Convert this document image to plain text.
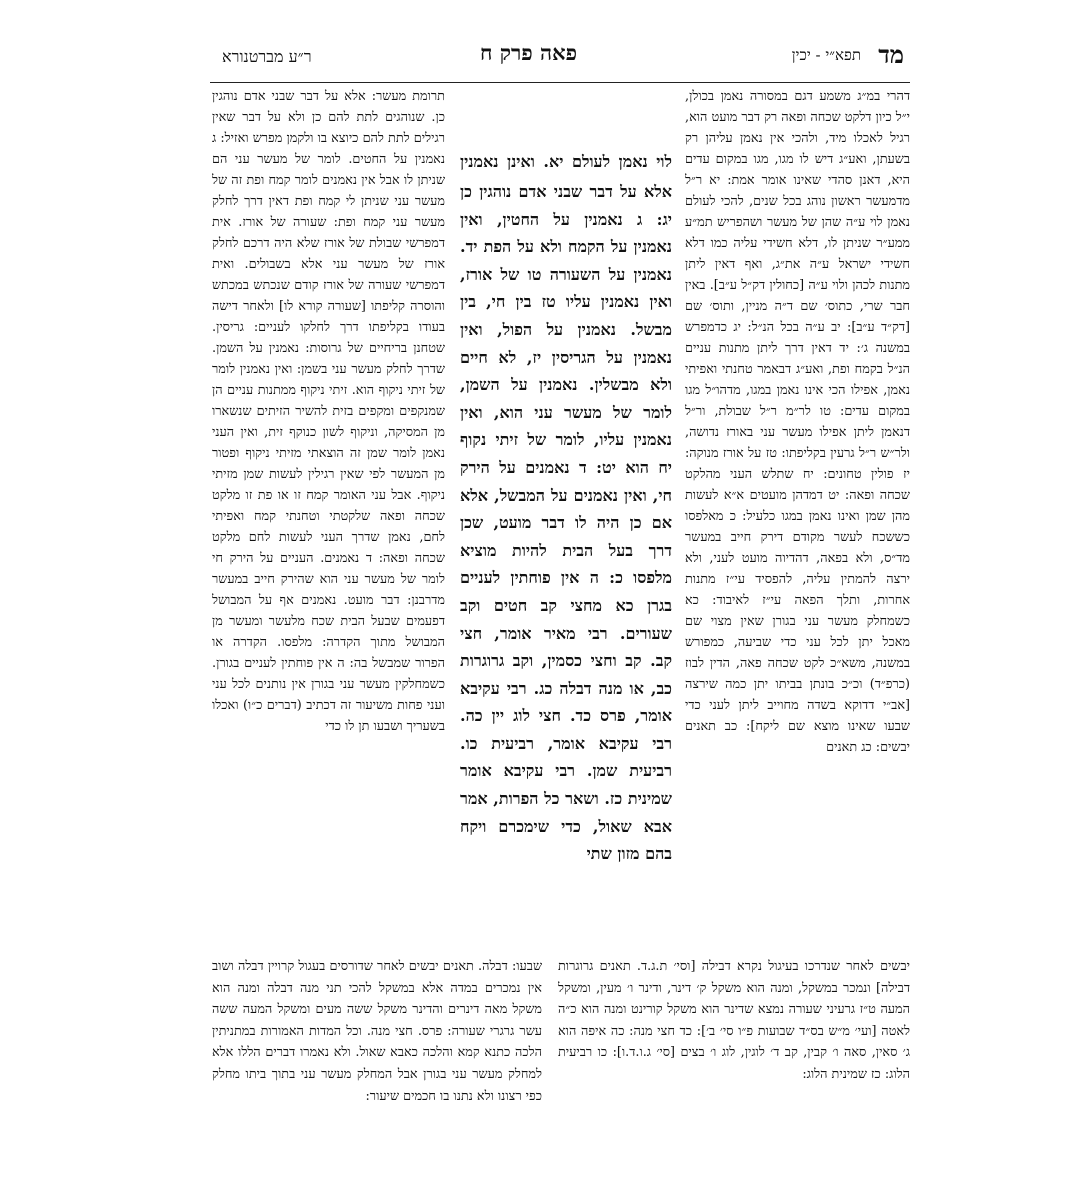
מד
תפא״י - יכין
פאה פרק ח
ר״ע מברטנורא

דהרי במ״ג משמע דגם במסורה נאמן בכולן, י״ל כיון דלקט שכחה ופאה רק דבר מועט הוא, רגיל לאכלו מיד, ולהכי אין נאמן עליהן רק בשעתן, ואע״ג דיש לו מגו, מגו במקום עדים היא, דאנן סהדי שאינו אומר אמת: יא ר״ל מדמעשר ראשון נוהג בכל שנים, להכי לעולם נאמן לוי ע״ה שהן של מעשר ושהפריש תמ״ע ממע״ר שניתן לו, דלא חשידי עליה כמו דלא חשידי ישראל ע״ה את״ג, ואף דאין ליתן מתנות לכהן ולוי ע״ה [כחולין דק״ל ע״ב]. באין חבר שרי, כתוס׳ שם ד״ה מניין, ותוס׳ שם [דק״ד ע״ב]: יב ע״ה בכל הנ״ל: יג כדמפרש במשנה ג׳: יד דאין דרך ליתן מתנות עניים הנ״ל בקמח ופת, ואע״ג דבאמר טחנתי ואפיתי נאמן, אפילו הכי אינו נאמן במגו, מדהו״ל מגו במקום עדים: טו לר״מ ר״ל שבולת, ור״ל דנאמן ליתן אפילו מעשר עני באורז נדושה, ולר״ש ר״ל גרעין בקליפתו: טז על אורז מנוקה: יז פולין טחונים: יח שתלש העני מהלקט שכחה ופאה: יט דמדהן מועטים א״א לעשות מהן שמן ואינו נאמן במגו כלעיל: כ מאלפסו כששכח לעשר מקודם דירק חייב במעשר מד״ס, ולא בפאה, דהדיוה מועט לעני, ולא ירצה להמתין עליה, להפסיד עי״ז מתנות אחרות, ותלך הפאה עי״ז לאיבוד: כא כשמחלק מעשר עני בגורן שאין מצוי שם מאכל יתן לכל עני כדי שביעה, כמפורש במשנה, משא״כ לקט שכחה פאה, הדין לבוז (כרפ״ד) וכ״כ בונתן בביתו יתן כמה שירצה [אב״י דדוקא בשדה מחוייב ליתן לעני כדי שבעו שאינו מוצא שם ליקח]: כב תאנים יבשים: כג תאנים

לוי נאמן לעולם יא. ואינן נאמנין

אלא על דבר שבני אדם נוהגין כן יג: ג נאמנין על החטין, ואין נאמנין על הקמח ולא על הפת יד. נאמנין על השעורה טו של אורז, ואין נאמנין עליו טז בין חי, בין מבשל. נאמנין על הפול, ואין נאמנין על הגריסין יז, לא חיים ולא מבשלין. נאמנין על השמן, לומר של מעשר עני הוא, ואין נאמנין עליו, לומר של זיתי נקוף יח הוא יט: ד נאמנים על הירק חי, ואין נאמנים על המבשל, אלא אם כן היה לו דבר מועט, שכן דרך בעל הבית להיות מוציא מלפסו כ: ה אין פוחתין לעניים בגרן כא מחצי קב חטים וקב שעורים. רבי מאיר אומר, חצי קב. קב וחצי כסמין, וקב גרוגרות כב, או מנה דבלה כג. רבי עקיבא אומר, פרס כד. חצי לוג יין כה. רבי עקיבא אומר, רביעית כו. רביעית שמן. רבי עקיבא אומר שמינית כז. ושאר כל הפרות, אמר אבא שאול, כדי שימכרם ויקח בהם מזון שתי

תרומת מעשר: אלא על דבר שבני אדם נוהגין כן. שנוהגים לתת להם כן ולא על דבר שאין רגילים לתת להם כיוצא בו ולקמן מפרש ואזיל: ג נאמנין על החטים. לומר של מעשר עני הם שניתן לו אבל אין נאמנים לומר קמח ופת זה של מעשר עני שניתן לי קמח ופת דאין דרך לחלק מעשר עני קמח ופת: שעורה של אורז. אית דמפרשי שבולת של אורז שלא היה דרכם לחלק אורז של מעשר עני אלא בשבולים. ואית דמפרשי שעורה של אורז קודם שנכתש במכתש והוסרה קליפתו [שעורה קורא לו] ולאחר דישה בעודו בקליפתו דרך לחלקו לעניים: גריסין. שטחנן בריחיים של גרוסות: נאמנין על השמן. שדרך לחלק מעשר עני בשמן: ואין נאמנין לומר של זיתי ניקוף הוא. זיתי ניקוף ממתנות עניים הן שמנקפים ומקפים בזית להשיר הזיתים שנשארו מן המסיקה, וניקוף לשון כנוקף זית, ואין העני נאמן לומר שמן זה הוצאתי מזיתי ניקוף ופטור מן המעשר לפי שאין רגילין לעשות שמן מזיתי ניקוף. אבל עני האומר קמח זו או פת זו מלקט שכחה ופאה שלקטתי וטחנתי קמח ואפיתי לחם, נאמן שדרך העני לעשות לחם מלקט שכחה ופאה: ד נאמנים. העניים על הירק חי לומר של מעשר עני הוא שהירק חייב במעשר מדרבנן: דבר מועט. נאמנים אף על המבושל דפעמים שבעל הבית שכח מלעשר ומעשר מן המבושל מתוך הקדרה: מלפסו. הקדרה או הפרור שמבשל בה: ה אין פוחתין לעניים בגורן. כשמחלקין מעשר עני בגורן אין נותנים לכל עני ועני פחות משיעור זה דכתיב (דברים כ״ו) ואכלו בשעריך ושבעו תן לו כדי

יבשים לאחר שנדרכו בעיגול נקרא דבילה [וסי׳ ת.ג.ד. תאנים גרוגרות דבילה] ונמכר במשקל, ומנה הוא משקל ק׳ דינר, ודינר ו׳ מעין, ומשקל המעה ט״ז גרעיני שעורה נמצא שדינר הוא משקל קורינט ומנה הוא כ״ה לאטה [ועי׳ מ״ש בס״ד שבועות פ״ו סי׳ ב׳]: כד חצי מנה: כה איפה הוא ג׳ סאין, סאה ו׳ קבין, קב ד׳ לוגין, לוג ו׳ בצים [סי׳ ג.ו.ד.ו]: כו רביעית הלוג: כז שמינית הלוג:

שבעו: דבלה. תאנים יבשים לאחר שדורסים בעגול קרויין דבלה ושוב אין נמכרים במדה אלא במשקל להכי תני מנה דבלה ומנה הוא משקל מאה דינרים והדינר משקל ששה מעים ומשקל המעה ששה עשר גרגרי שעורה: פרס. חצי מנה. וכל המדות האמורות במתניתין הלכה כתנא קמא והלכה כאבא שאול. ולא נאמרו דברים הללו אלא למחלק מעשר עני בגורן אבל המחלק מעשר עני בתוך ביתו מחלק כפי רצונו ולא נתנו בו חכמים שיעור:
